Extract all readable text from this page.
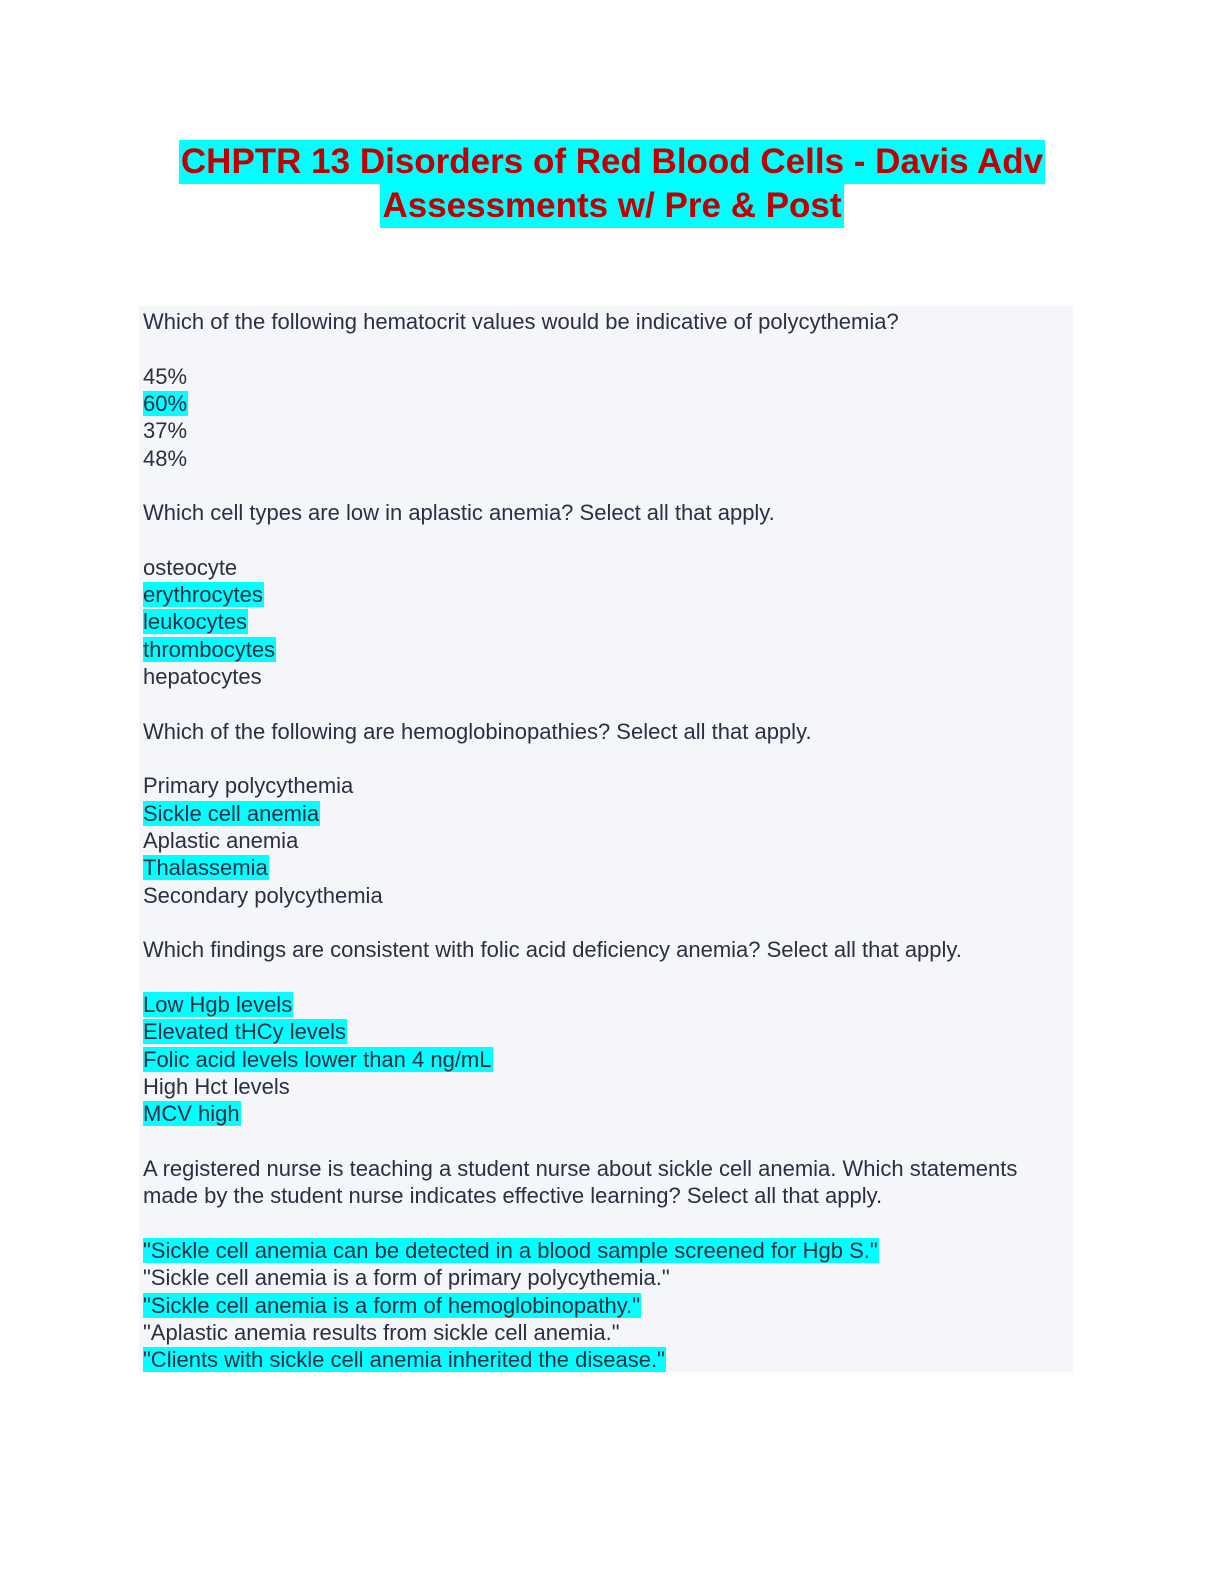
CHPTR 13 Disorders of Red Blood Cells - Davis Adv
Assessments w/ Pre & Post

Which of the following hematocrit values would be indicative of polycythemia?

45%

60%

37%

48%

Which cell types are low in aplastic anemia? Select all that apply.

osteocyte

erythrocytes

leukocytes

thrombocytes

hepatocytes

Which of the following are hemoglobinopathies? Select all that apply.

Primary polycythemia

Sickle cell anemia

Aplastic anemia

Thalassemia

Secondary polycythemia

Which findings are consistent with folic acid deficiency anemia? Select all that apply.

Low Hgb levels

Elevated tHCy levels

Folic acid levels lower than 4 ng/mL

High Hct levels

MCV high

A registered nurse is teaching a student nurse about sickle cell anemia. Which statements made by the student nurse indicates effective learning? Select all that apply.

"Sickle cell anemia can be detected in a blood sample screened for Hgb S."

"Sickle cell anemia is a form of primary polycythemia."

"Sickle cell anemia is a form of hemoglobinopathy."

"Aplastic anemia results from sickle cell anemia."

"Clients with sickle cell anemia inherited the disease."
